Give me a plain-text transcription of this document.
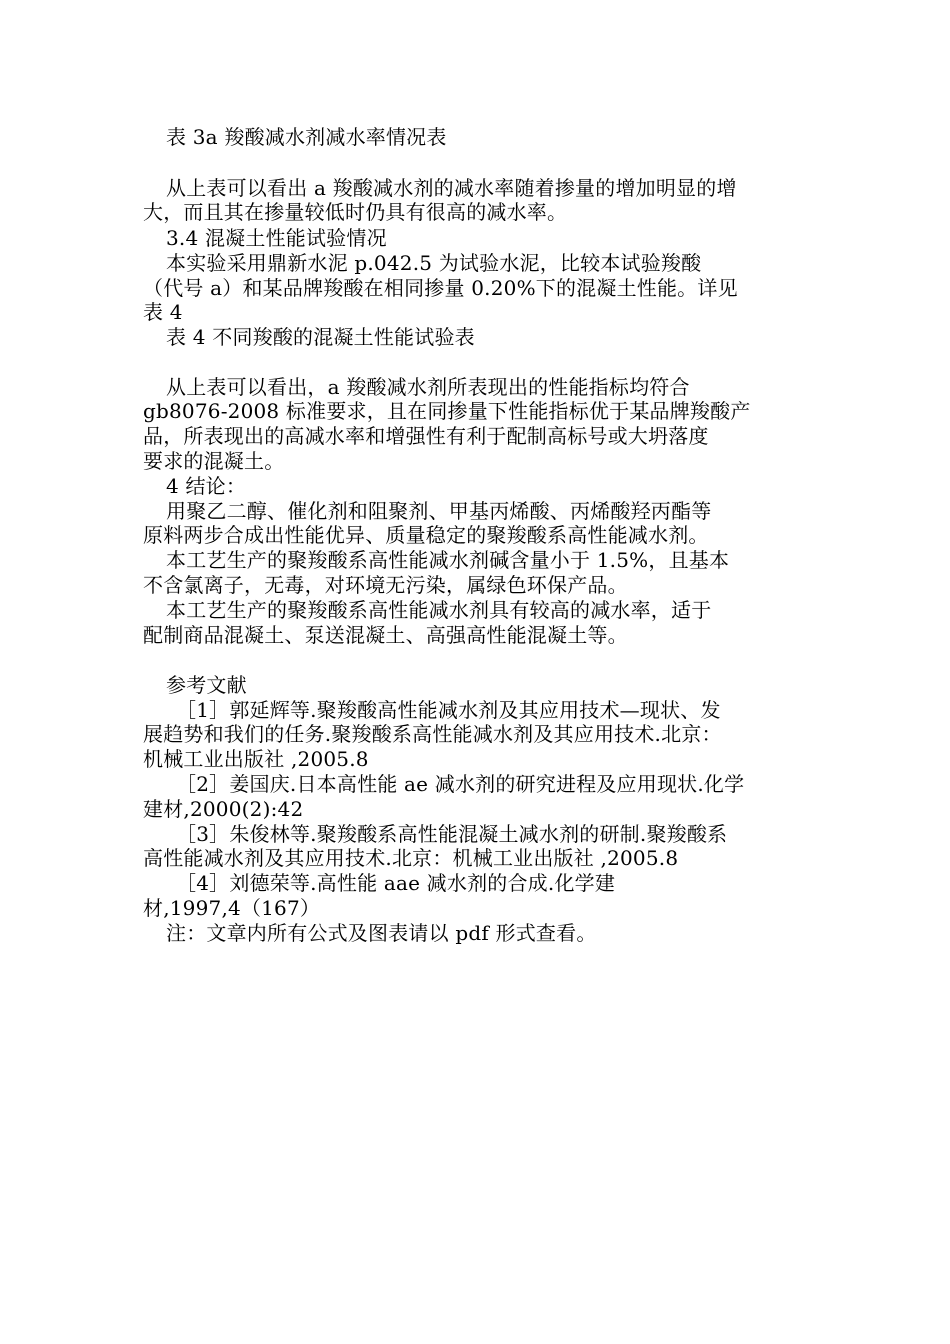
表 3a 羧酸减水剂减水率情况表
从上表可以看出 a 羧酸减水剂的减水率随着掺量的增加明显的增
大，而且其在掺量较低时仍具有很高的减水率。
3.4 混凝土性能试验情况
本实验采用鼎新水泥 p.042.5 为试验水泥，比较本试验羧酸
（代号 a）和某品牌羧酸在相同掺量 0.20%下的混凝土性能。详见
表 4
表 4 不同羧酸的混凝土性能试验表
从上表可以看出，a 羧酸减水剂所表现出的性能指标均符合
gb8076-2008 标准要求，且在同掺量下性能指标优于某品牌羧酸产
品，所表现出的高减水率和增强性有利于配制高标号或大坍落度
要求的混凝土。
4 结论：
用聚乙二醇、催化剂和阻聚剂、甲基丙烯酸、丙烯酸羟丙酯等
原料两步合成出性能优异、质量稳定的聚羧酸系高性能减水剂。
本工艺生产的聚羧酸系高性能减水剂碱含量小于 1.5%，且基本
不含氯离子，无毒，对环境无污染，属绿色环保产品。
本工艺生产的聚羧酸系高性能减水剂具有较高的减水率，适于
配制商品混凝土、泵送混凝土、高强高性能混凝土等。
参考文献
［1］郭延辉等.聚羧酸高性能减水剂及其应用技术—现状、发
展趋势和我们的任务.聚羧酸系高性能减水剂及其应用技术.北京：
机械工业出版社 ,2005.8
［2］姜国庆.日本高性能 ae 减水剂的研究进程及应用现状.化学
建材,2000(2):42
［3］朱俊林等.聚羧酸系高性能混凝土减水剂的研制.聚羧酸系
高性能减水剂及其应用技术.北京：机械工业出版社 ,2005.8
［4］刘德荣等.高性能 aae 减水剂的合成.化学建
材,1997,4（167）
注：文章内所有公式及图表请以 pdf 形式查看。
